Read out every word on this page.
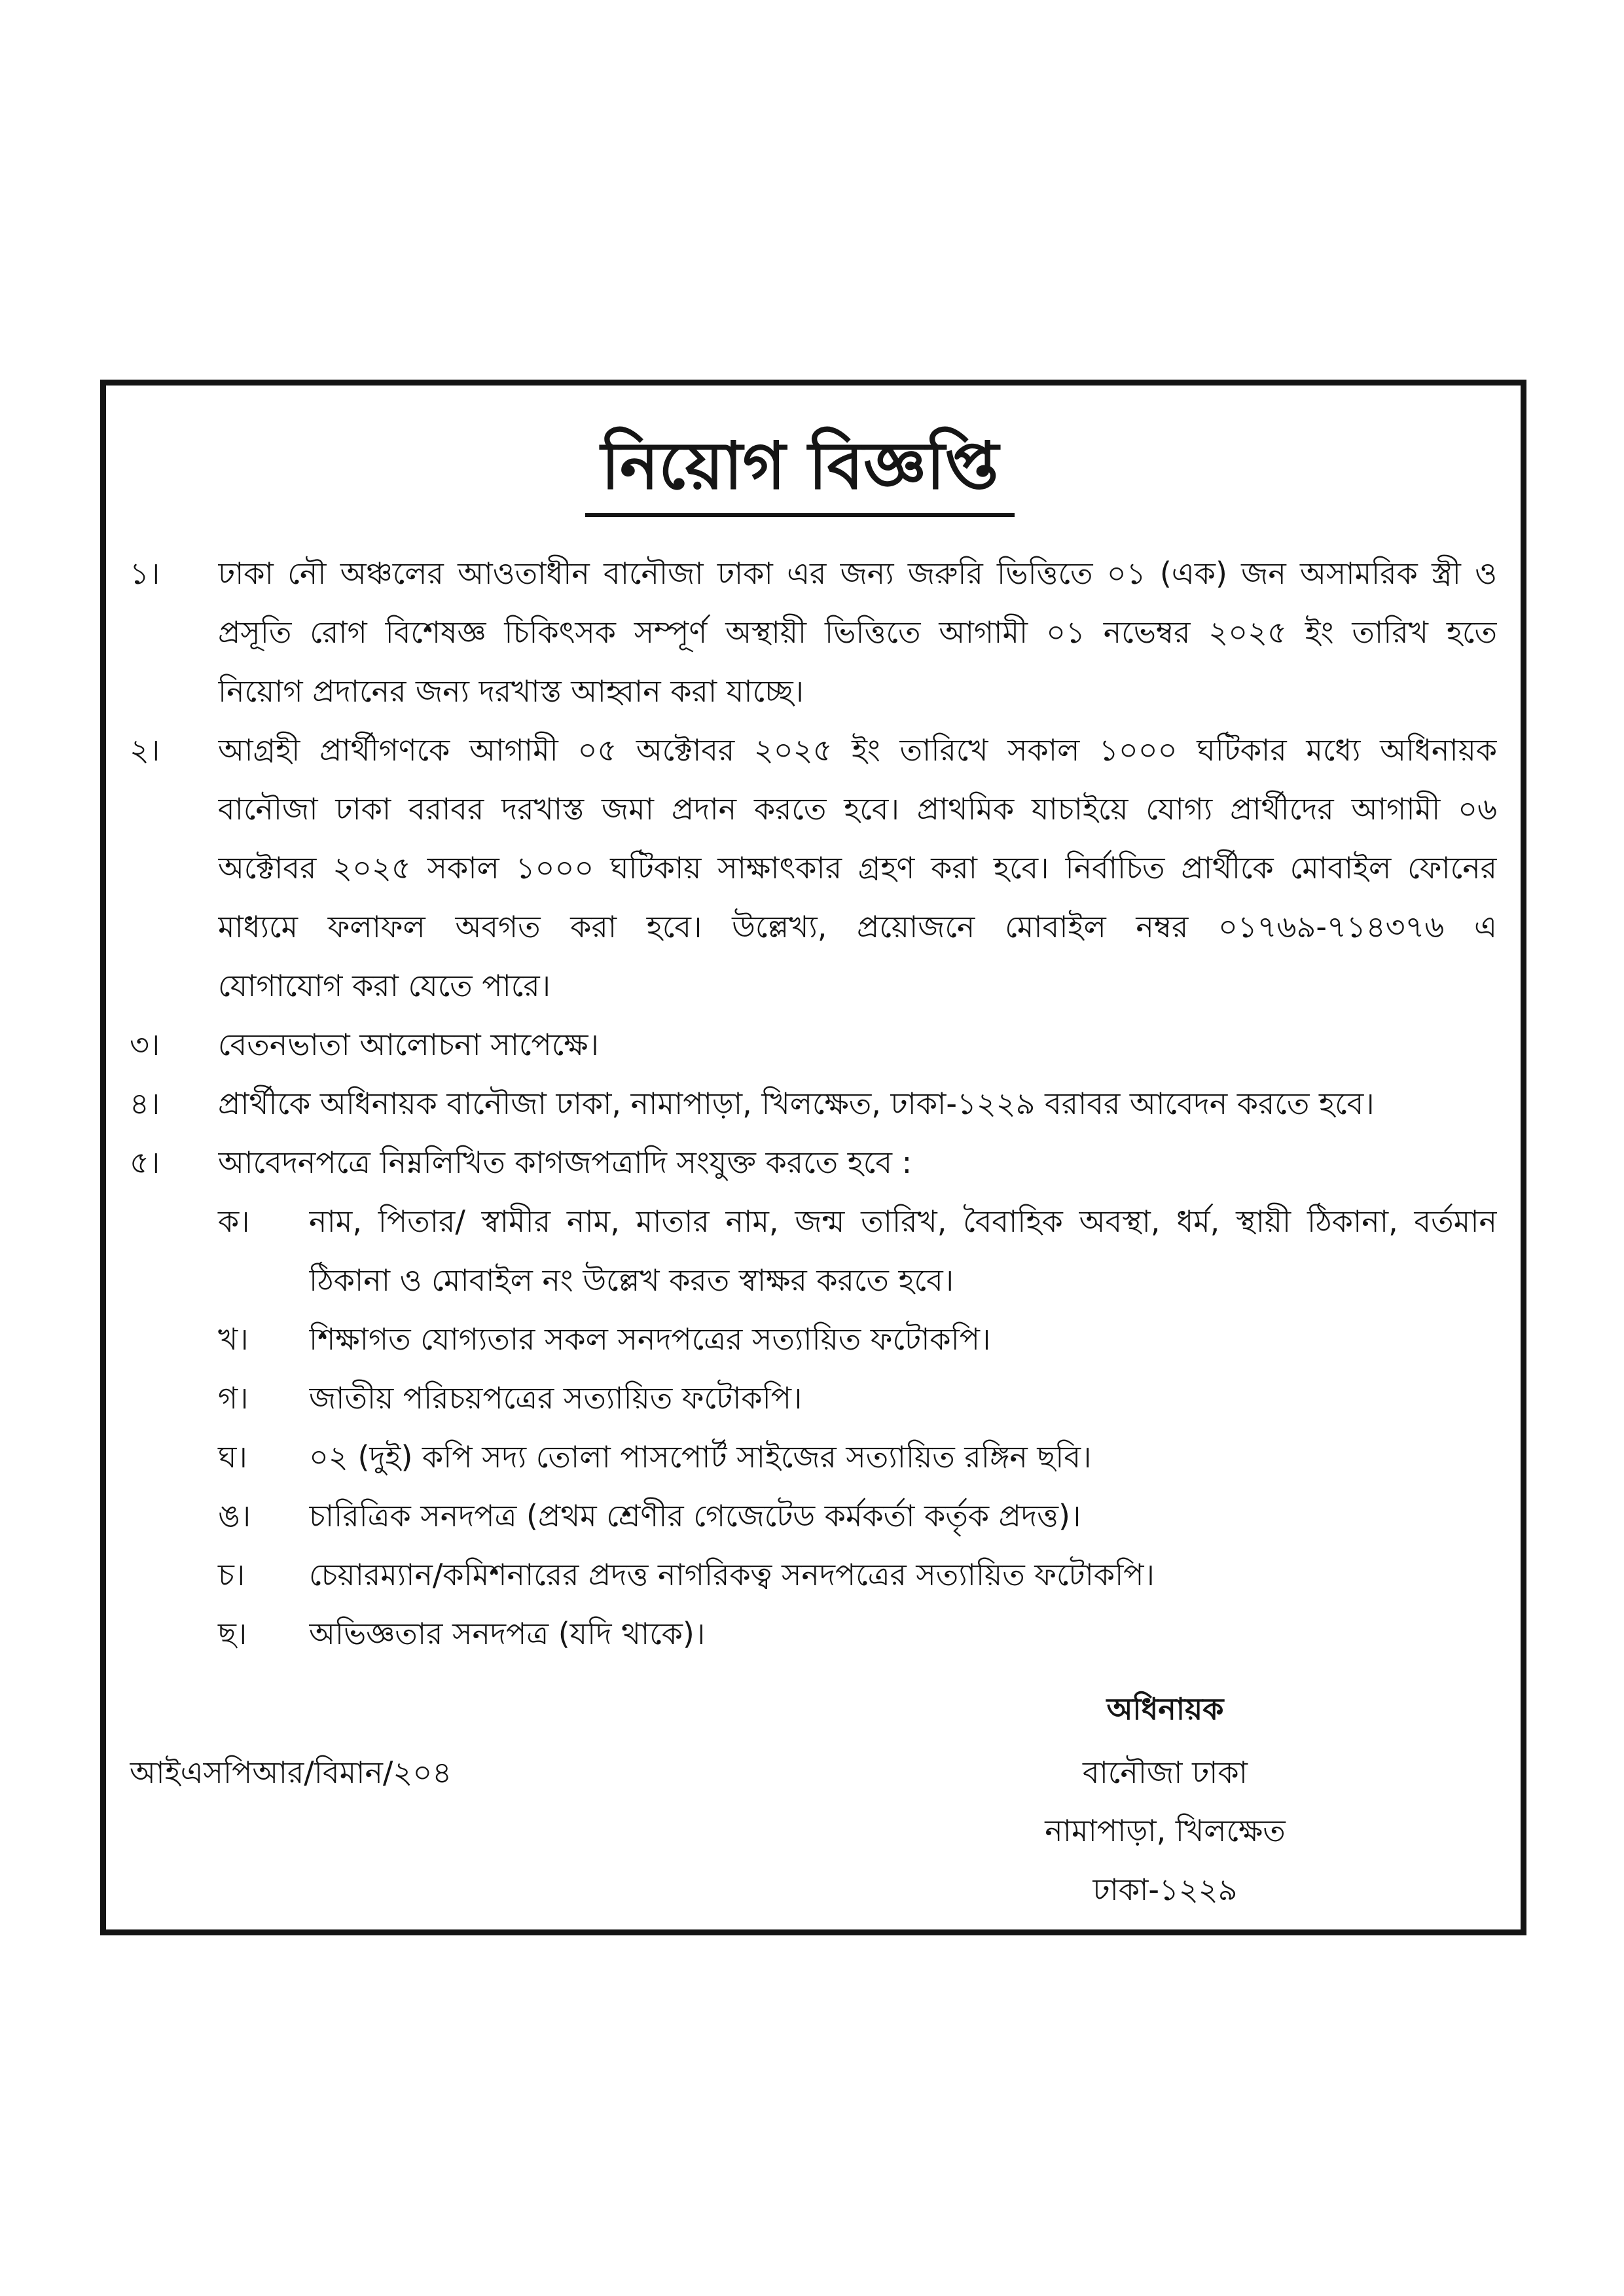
নিয়োগ বিজ্ঞপ্তি
১।	ঢাকা নৌ অঞ্চলের আওতাধীন বানৌজা ঢাকা এর জন্য জরুরি ভিত্তিতে ০১ (এক) জন অসামরিক স্ত্রী ও
প্রসূতি রোগ বিশেষজ্ঞ চিকিৎসক সম্পূর্ণ অস্থায়ী ভিত্তিতে আগামী ০১ নভেম্বর ২০২৫ ইং তারিখ হতে
নিয়োগ প্রদানের জন্য দরখাস্ত আহ্বান করা যাচ্ছে।
২।	আগ্রহী প্রার্থীগণকে আগামী ০৫ অক্টোবর ২০২৫ ইং তারিখে সকাল ১০০০ ঘটিকার মধ্যে অধিনায়ক
বানৌজা ঢাকা বরাবর দরখাস্ত জমা প্রদান করতে হবে। প্রাথমিক যাচাইয়ে যোগ্য প্রার্থীদের আগামী ০৬
অক্টোবর ২০২৫ সকাল ১০০০ ঘটিকায় সাক্ষাৎকার গ্রহণ করা হবে। নির্বাচিত প্রার্থীকে মোবাইল ফোনের
মাধ্যমে ফলাফল অবগত করা হবে। উল্লেখ্য, প্রয়োজনে মোবাইল নম্বর ০১৭৬৯-৭১৪৩৭৬ এ
যোগাযোগ করা যেতে পারে।
৩।	বেতনভাতা আলোচনা সাপেক্ষে।
৪।	প্রার্থীকে অধিনায়ক বানৌজা ঢাকা, নামাপাড়া, খিলক্ষেত, ঢাকা-১২২৯ বরাবর আবেদন করতে হবে।
৫।	আবেদনপত্রে নিম্নলিখিত কাগজপত্রাদি সংযুক্ত করতে হবে :
ক।	নাম, পিতার/ স্বামীর নাম, মাতার নাম, জন্ম তারিখ, বৈবাহিক অবস্থা, ধর্ম, স্থায়ী ঠিকানা, বর্তমান
ঠিকানা ও মোবাইল নং উল্লেখ করত স্বাক্ষর করতে হবে।
খ।	শিক্ষাগত যোগ্যতার সকল সনদপত্রের সত্যায়িত ফটোকপি।
গ।	জাতীয় পরিচয়পত্রের সত্যায়িত ফটোকপি।
ঘ।	০২ (দুই) কপি সদ্য তোলা পাসপোর্ট সাইজের সত্যায়িত রঙ্গিন ছবি।
ঙ।	চারিত্রিক সনদপত্র (প্রথম শ্রেণীর গেজেটেড কর্মকর্তা কর্তৃক প্রদত্ত)।
চ।	চেয়ারম্যান/কমিশনারের প্রদত্ত নাগরিকত্ব সনদপত্রের সত্যায়িত ফটোকপি।
ছ।	অভিজ্ঞতার সনদপত্র (যদি থাকে)।
আইএসপিআর/বিমান/২০৪
অধিনায়ক
বানৌজা ঢাকা
নামাপাড়া, খিলক্ষেত
ঢাকা-১২২৯
